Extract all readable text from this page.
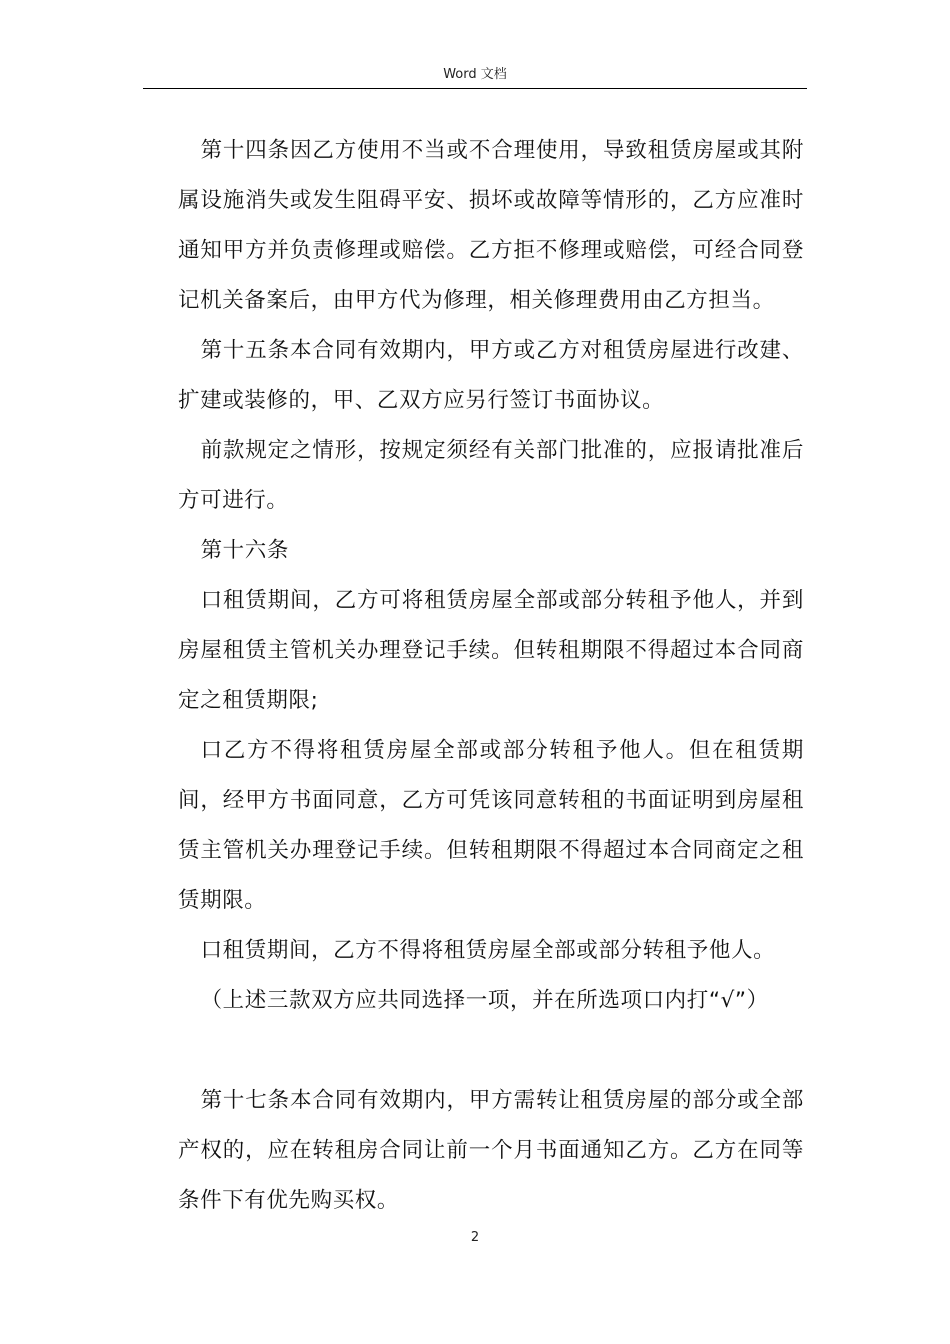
Word 文档

第十四条因乙方使用不当或不合理使用，导致租赁房屋或其附属设施消失或发生阻碍平安、损坏或故障等情形的，乙方应准时通知甲方并负责修理或赔偿。乙方拒不修理或赔偿，可经合同登记机关备案后，由甲方代为修理，相关修理费用由乙方担当。

第十五条本合同有效期内，甲方或乙方对租赁房屋进行改建、扩建或装修的，甲、乙双方应另行签订书面协议。

前款规定之情形，按规定须经有关部门批准的，应报请批准后方可进行。

第十六条

口租赁期间，乙方可将租赁房屋全部或部分转租予他人，并到房屋租赁主管机关办理登记手续。但转租期限不得超过本合同商定之租赁期限;

口乙方不得将租赁房屋全部或部分转租予他人。但在租赁期间，经甲方书面同意，乙方可凭该同意转租的书面证明到房屋租赁主管机关办理登记手续。但转租期限不得超过本合同商定之租赁期限。

口租赁期间，乙方不得将租赁房屋全部或部分转租予他人。

（上述三款双方应共同选择一项，并在所选项口内打“√”）

第十七条本合同有效期内，甲方需转让租赁房屋的部分或全部产权的，应在转租房合同让前一个月书面通知乙方。乙方在同等条件下有优先购买权。

2
